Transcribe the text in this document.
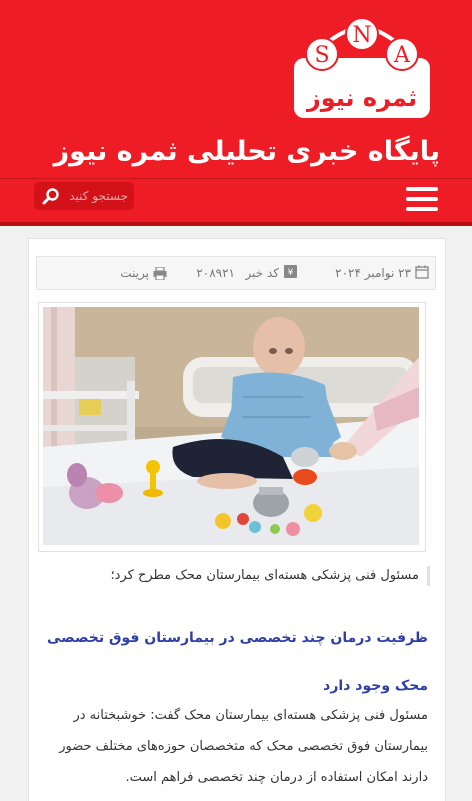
ثمره نیوز
S
N
A
پایگاه خبری تحلیلی ثمره نیوز
جستجو کنید
۲۳ نوامبر ۲۰۲۴
¥
کد خبر
۲۰۸۹۲۱
پرینت
مسئول فنی پزشکی هسته‌ای بیمارستان محک مطرح کرد؛
ظرفیت درمان چند تخصصی در بیمارستان فوق تخصصی محک وجود دارد
مسئول فنی پزشکی هسته‌ای بیمارستان محک گفت: خوشبختانه در بیمارستان فوق تخصصی محک که متخصصان حوزه‌های مختلف حضور دارند امکان استفاده از درمان چند تخصصی فراهم است.
